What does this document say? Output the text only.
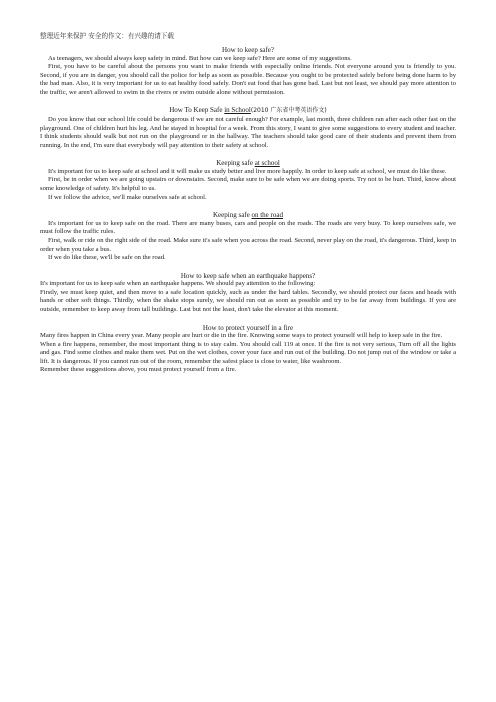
整理近年来保护 安全的作文：有兴趣的请下载

How to keep safe?

As teenagers, we should always keep safety in mind. But how can we keep safe? Here are some of my suggestions.

First, you have to be careful about the persons you want to make friends with especially online friends. Not everyone around you is friendly to you. Second, if you are in danger, you should call the police for help as soon as possible. Because you ought to be protected safely before being done harm to by the bad man. Also, it is very important for us to eat healthy food safely. Don't eat food that has gone bad. Last but not least, we should pay more attention to the traffic, we aren't allowed to swim in the rivers or swim outside alone without permission.

How To Keep Safe in School(2010 广东省中考英语作文)

Do you know that our school life could be dangerous if we are not careful enough? For example, last month, three children ran after each other fast on the playground. One of children hurt his leg. And he stayed in hospital for a week. From this story, I want to give some suggestions to every student and teacher. I think students should walk but not run on the playground or in the hallway. The teachers should take good care of their students and prevent them from running. In the end, I'm sure that everybody will pay attention to their safety at school.

Keeping safe at school

It's important for us to keep safe at school and it will make us study better and live more happily. In order to keep safe at school, we must do like these.

First, be in order when we are going upstairs or downstairs. Second, make sure to be safe when we are doing sports. Try not to be hurt. Third, know about some knowledge of safety. It's helpful to us.

If we follow the advice, we'll make ourselves safe at school.

Keeping safe on the road

It's important for us to keep safe on the road. There are many buses, cars and people on the roads. The roads are very busy. To keep ourselves safe, we must follow the traffic rules.

First, walk or ride on the right side of the road. Make sure it's safe when you across the road. Second, never play on the road, it's dangerous. Third, keep in order when you take a bus.

If we do like these, we'll be safe on the road.

How to keep safe when an earthquake happens?

It's important for us to keep safe when an earthquake happens. We should pay attention to the following:

Firstly, we must keep quiet, and then move to a safe location quickly, such as under the hard tables. Secondly, we should protect our faces and heads with hands or other soft things. Thirdly, when the shake stops surely, we should run out as soon as possible and try to be far away from buildings. If you are outside, remember to keep away from tall buildings. Last but not the least, don't take the elevator at this moment.

How to protect yourself in a fire

Many fires happen in China every year. Many people are hurt or die in the fire. Knowing some ways to protect yourself will help to keep safe in the fire.

When a fire happens, remember, the most important thing is to stay calm. You should call 119 at once. If the fire is not very serious, Turn off all the lights and gas. Find some clothes and make them wet. Put on the wet clothes, cover your face and run out of the building. Do not jump out of the window or take a lift. It is dangerous. If you cannot run out of the room, remember the safest place is close to water, like washroom.

Remember these suggestions above, you must protect yourself from a fire.
